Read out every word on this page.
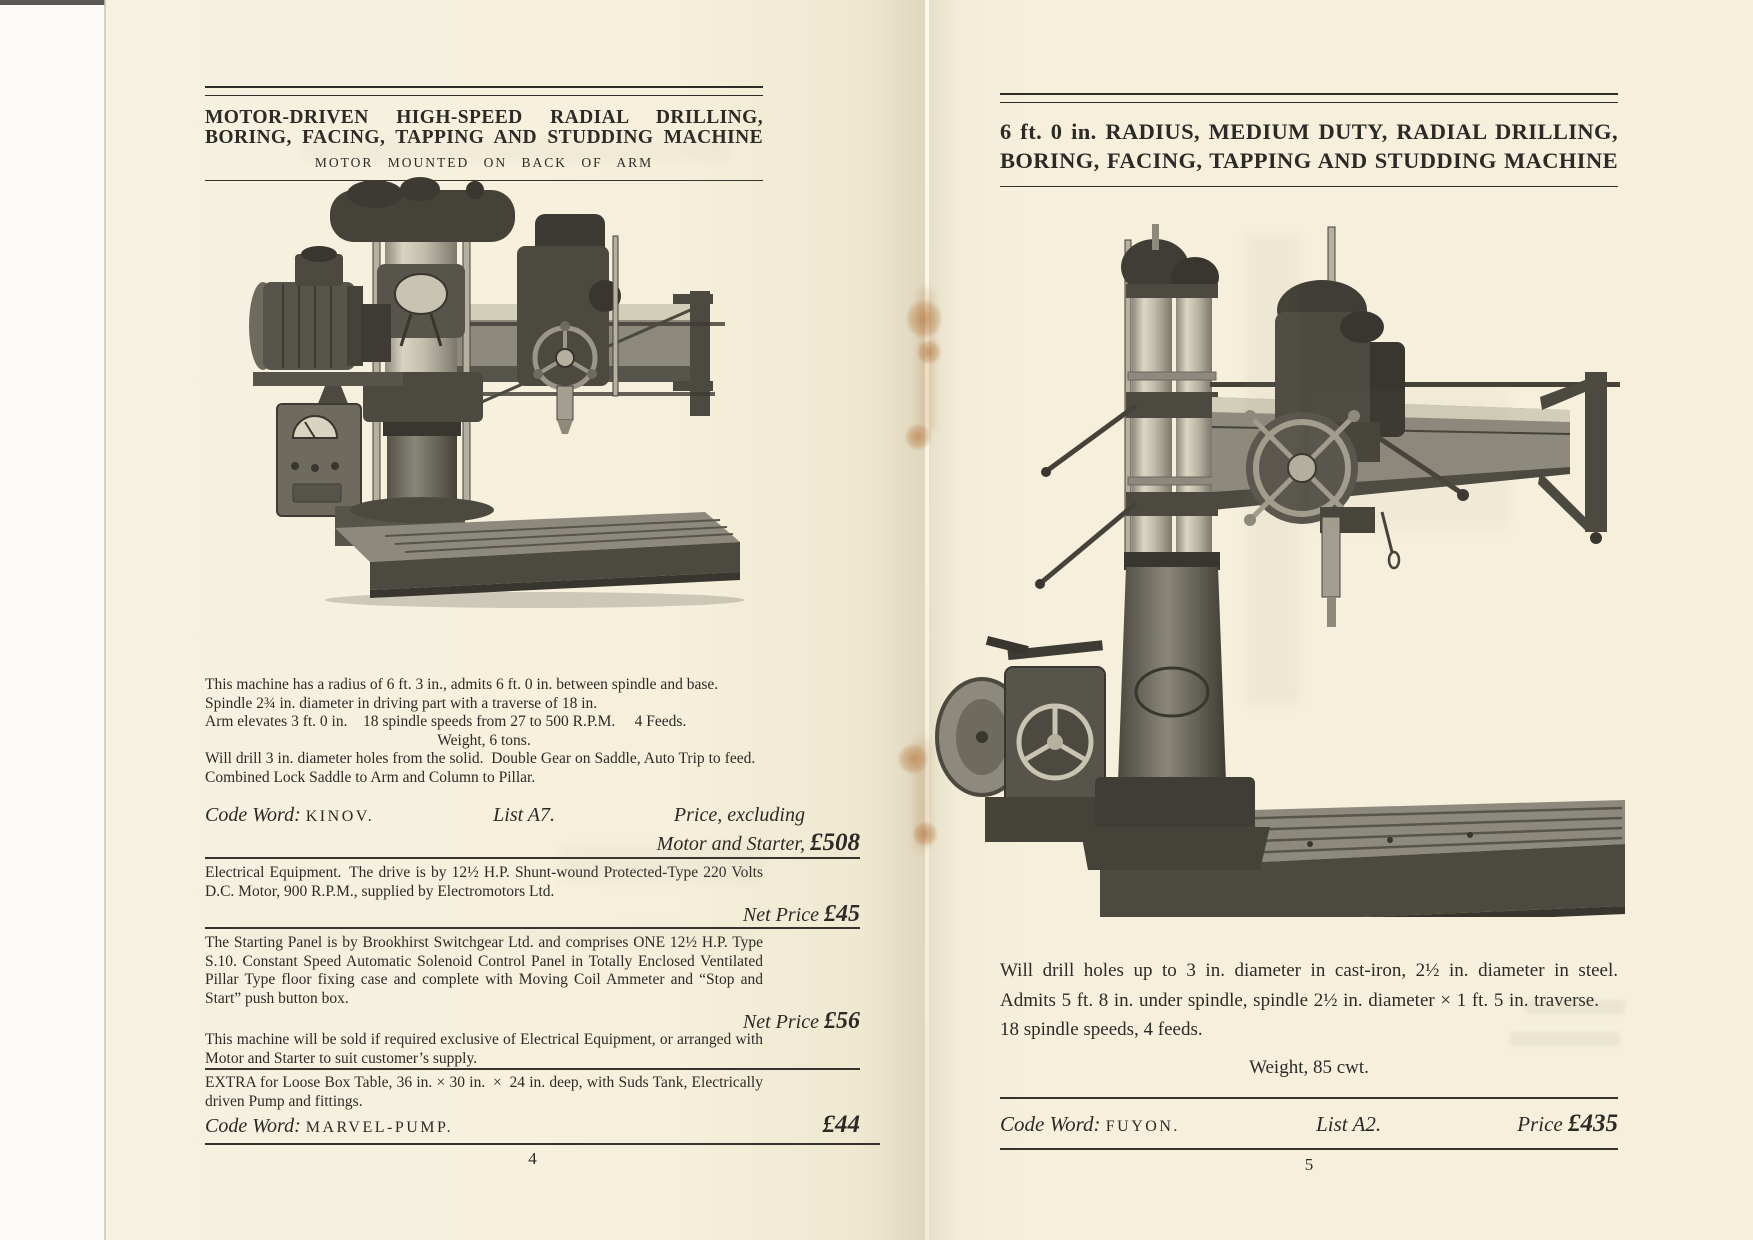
MOTOR-DRIVEN HIGH-SPEED RADIAL DRILLING,
BORING, FACING, TAPPING AND STUDDING MACHINE
MOTOR MOUNTED ON BACK OF ARM
This machine has a radius of 6 ft. 3 in., admits 6 ft. 0 in. between spindle and base.
Spindle 2¾ in. diameter in driving part with a traverse of 18 in.
Arm elevates 3 ft. 0 in. 18 spindle speeds from 27 to 500 R.P.M.  4 Feeds.
Weight, 6 tons.
Will drill 3 in. diameter holes from the solid. Double Gear on Saddle, Auto Trip to feed. Combined Lock Saddle to Arm and Column to Pillar.
Code Word: KINOV.	List A7.	Price, excluding
Motor and Starter, £508
Electrical Equipment. The drive is by 12½ H.P. Shunt-wound Protected-Type 220 Volts D.C. Motor, 900 R.P.M., supplied by Electromotors Ltd.
Net Price £45
The Starting Panel is by Brookhirst Switchgear Ltd. and comprises ONE 12½ H.P. Type S.10. Constant Speed Automatic Solenoid Control Panel in Totally Enclosed Ventilated Pillar Type floor fixing case and complete with Moving Coil Ammeter and “Stop and Start” push button box.
Net Price £56
This machine will be sold if required exclusive of Electrical Equipment, or arranged with Motor and Starter to suit customer’s supply.
EXTRA for Loose Box Table, 36 in. × 30 in. × 24 in. deep, with Suds Tank, Electrically driven Pump and fittings.
Code Word: MARVEL-PUMP.	£44
4
6 ft. 0 in. RADIUS, MEDIUM DUTY, RADIAL DRILLING,
BORING, FACING, TAPPING AND STUDDING MACHINE
Will drill holes up to 3 in. diameter in cast-iron, 2½ in. diameter in steel.
Admits 5 ft. 8 in. under spindle, spindle 2½ in. diameter × 1 ft. 5 in. traverse. 18 spindle speeds, 4 feeds.
Weight, 85 cwt.
Code Word: FUYON.	List A2.	Price £435
5
